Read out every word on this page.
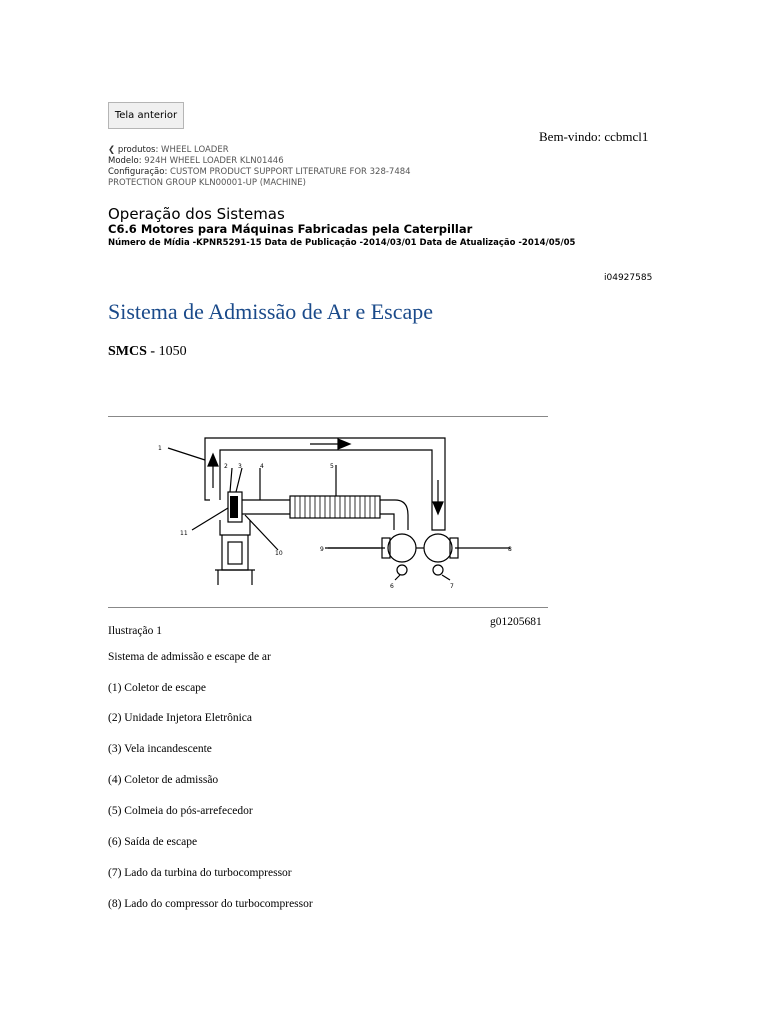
Tela anterior
Bem-vindo: ccbmcl1
❮ produtos: WHEEL LOADER
Modelo: 924H WHEEL LOADER KLN01446
Configuração: CUSTOM PRODUCT SUPPORT LITERATURE FOR 328-7484
PROTECTION GROUP KLN00001-UP (MACHINE)
Operação dos Sistemas
C6.6 Motores para Máquinas Fabricadas pela Caterpillar
Número de Mídia -KPNR5291-15 Data de Publicação -2014/03/01 Data de Atualização -2014/05/05
i04927585
Sistema de Admissão de Ar e Escape
SMCS - 1050
1
2 3	4	5
11
10
9	8
6	7
g01205681
Ilustração 1
Sistema de admissão e escape de ar
(1) Coletor de escape
(2) Unidade Injetora Eletrônica
(3) Vela incandescente
(4) Coletor de admissão
(5) Colmeia do pós-arrefecedor
(6) Saída de escape
(7) Lado da turbina do turbocompressor
(8) Lado do compressor do turbocompressor
